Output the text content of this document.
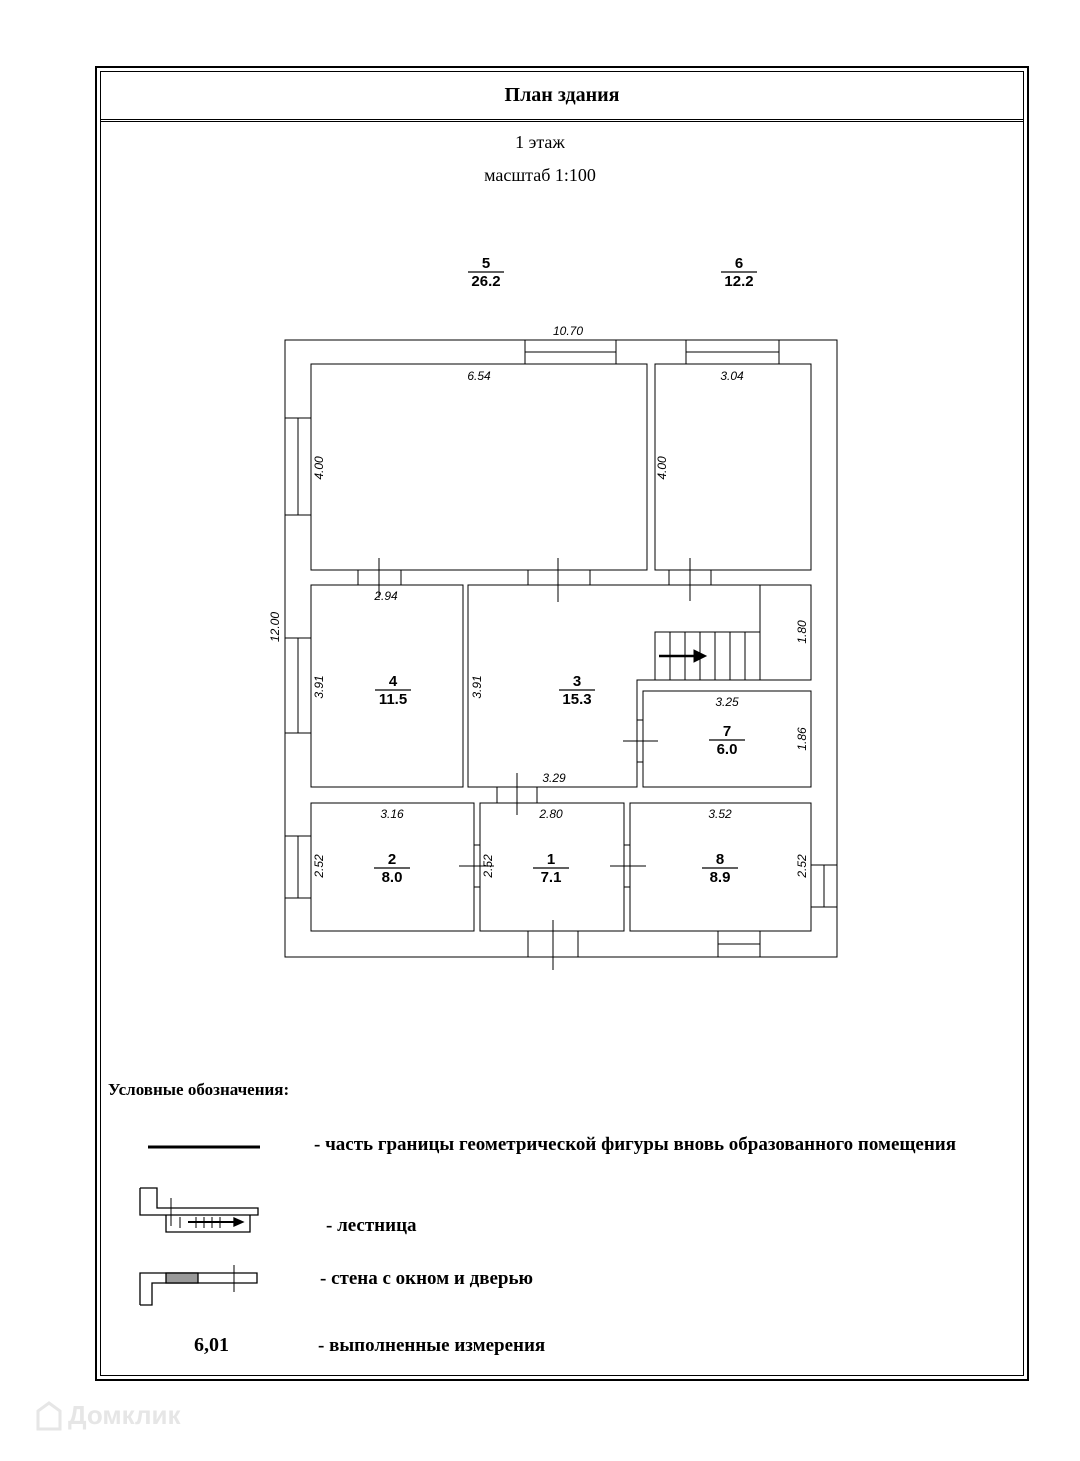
План здания
1 этаж
масштаб 1:100
5
26.2
6
12.2
4
11.5
3
15.3
7
6.0
2
8.0
1
7.1
8
8.9
10.70
12.00
6.54
4.00
3.04
4.00
2.94
3.91
3.29
3.91
1.80
3.25
1.86
3.16
2.52
2.80
2.52
3.52
2.52
Условные обозначения:
- часть границы геометрической фигуры вновь образованного помещения
- лестница
- стена с окном и дверью
6,01	- выполненные измерения
Домклик
